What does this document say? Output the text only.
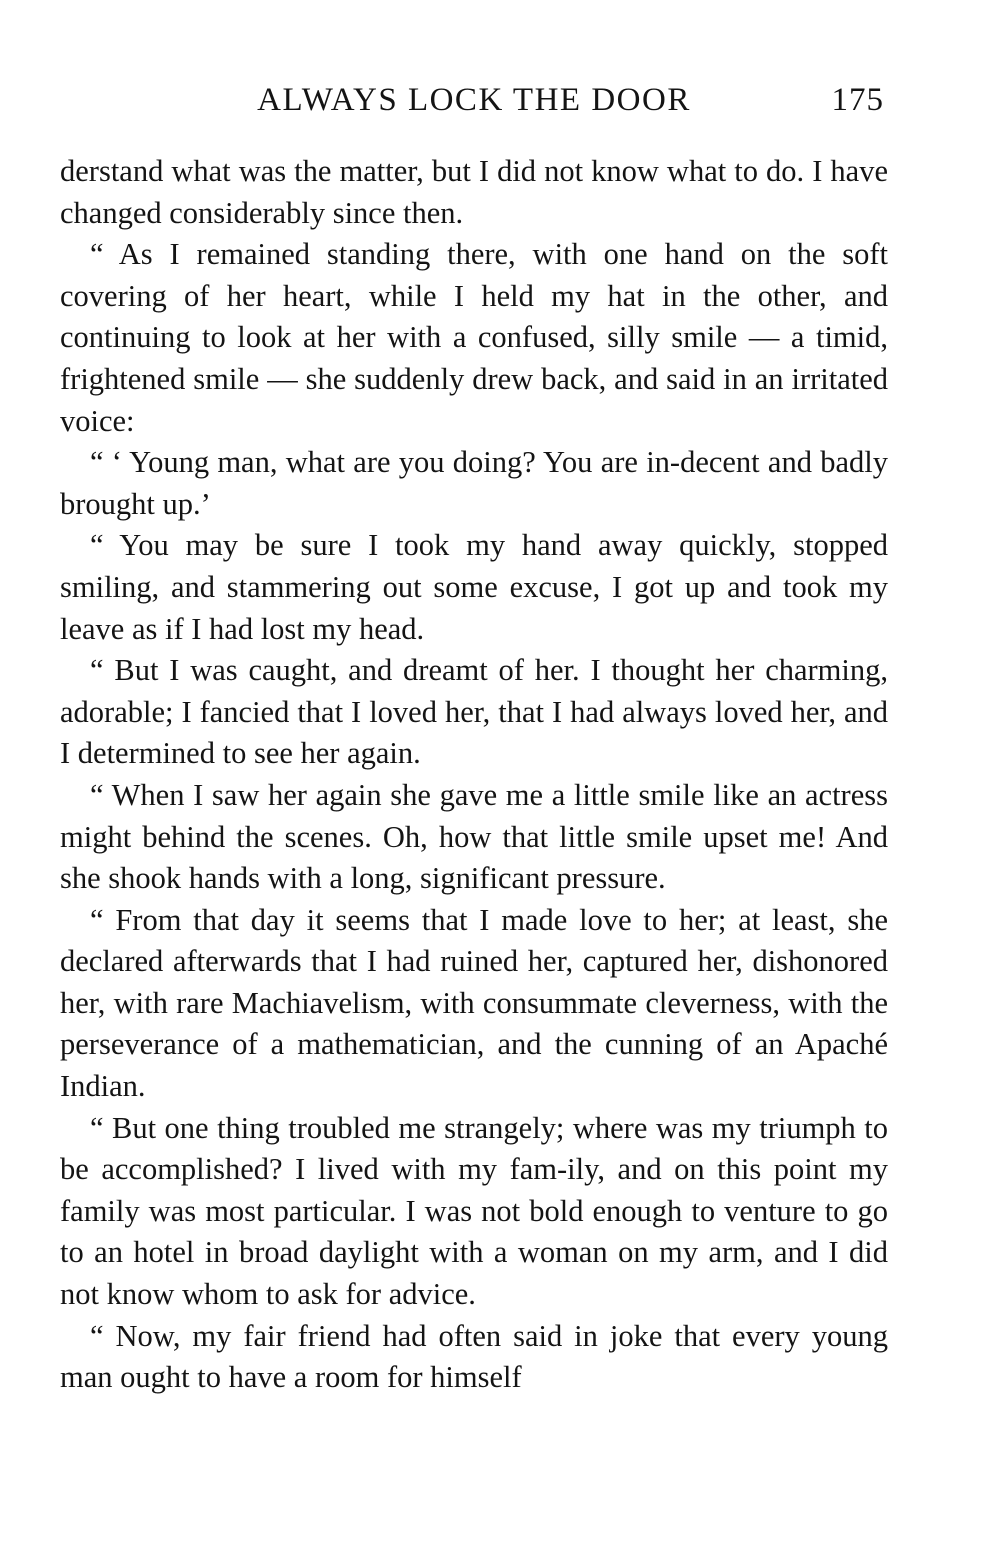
ALWAYS LOCK THE DOOR	175

derstand what was the matter, but I did not know what to do. I have changed considerably since then.

“ As I remained standing there, with one hand on the soft covering of her heart, while I held my hat in the other, and continuing to look at her with a confused, silly smile — a timid, frightened smile — she suddenly drew back, and said in an irritated voice:

“ ‘ Young man, what are you doing? You are in-decent and badly brought up.’

“ You may be sure I took my hand away quickly, stopped smiling, and stammering out some excuse, I got up and took my leave as if I had lost my head.

“ But I was caught, and dreamt of her. I thought her charming, adorable; I fancied that I loved her, that I had always loved her, and I determined to see her again.

“ When I saw her again she gave me a little smile like an actress might behind the scenes. Oh, how that little smile upset me! And she shook hands with a long, significant pressure.

“ From that day it seems that I made love to her; at least, she declared afterwards that I had ruined her, captured her, dishonored her, with rare Machiavelism, with consummate cleverness, with the perseverance of a mathematician, and the cunning of an Apaché Indian.

“ But one thing troubled me strangely; where was my triumph to be accomplished? I lived with my fam-ily, and on this point my family was most particular. I was not bold enough to venture to go to an hotel in broad daylight with a woman on my arm, and I did not know whom to ask for advice.

“ Now, my fair friend had often said in joke that every young man ought to have a room for himself
